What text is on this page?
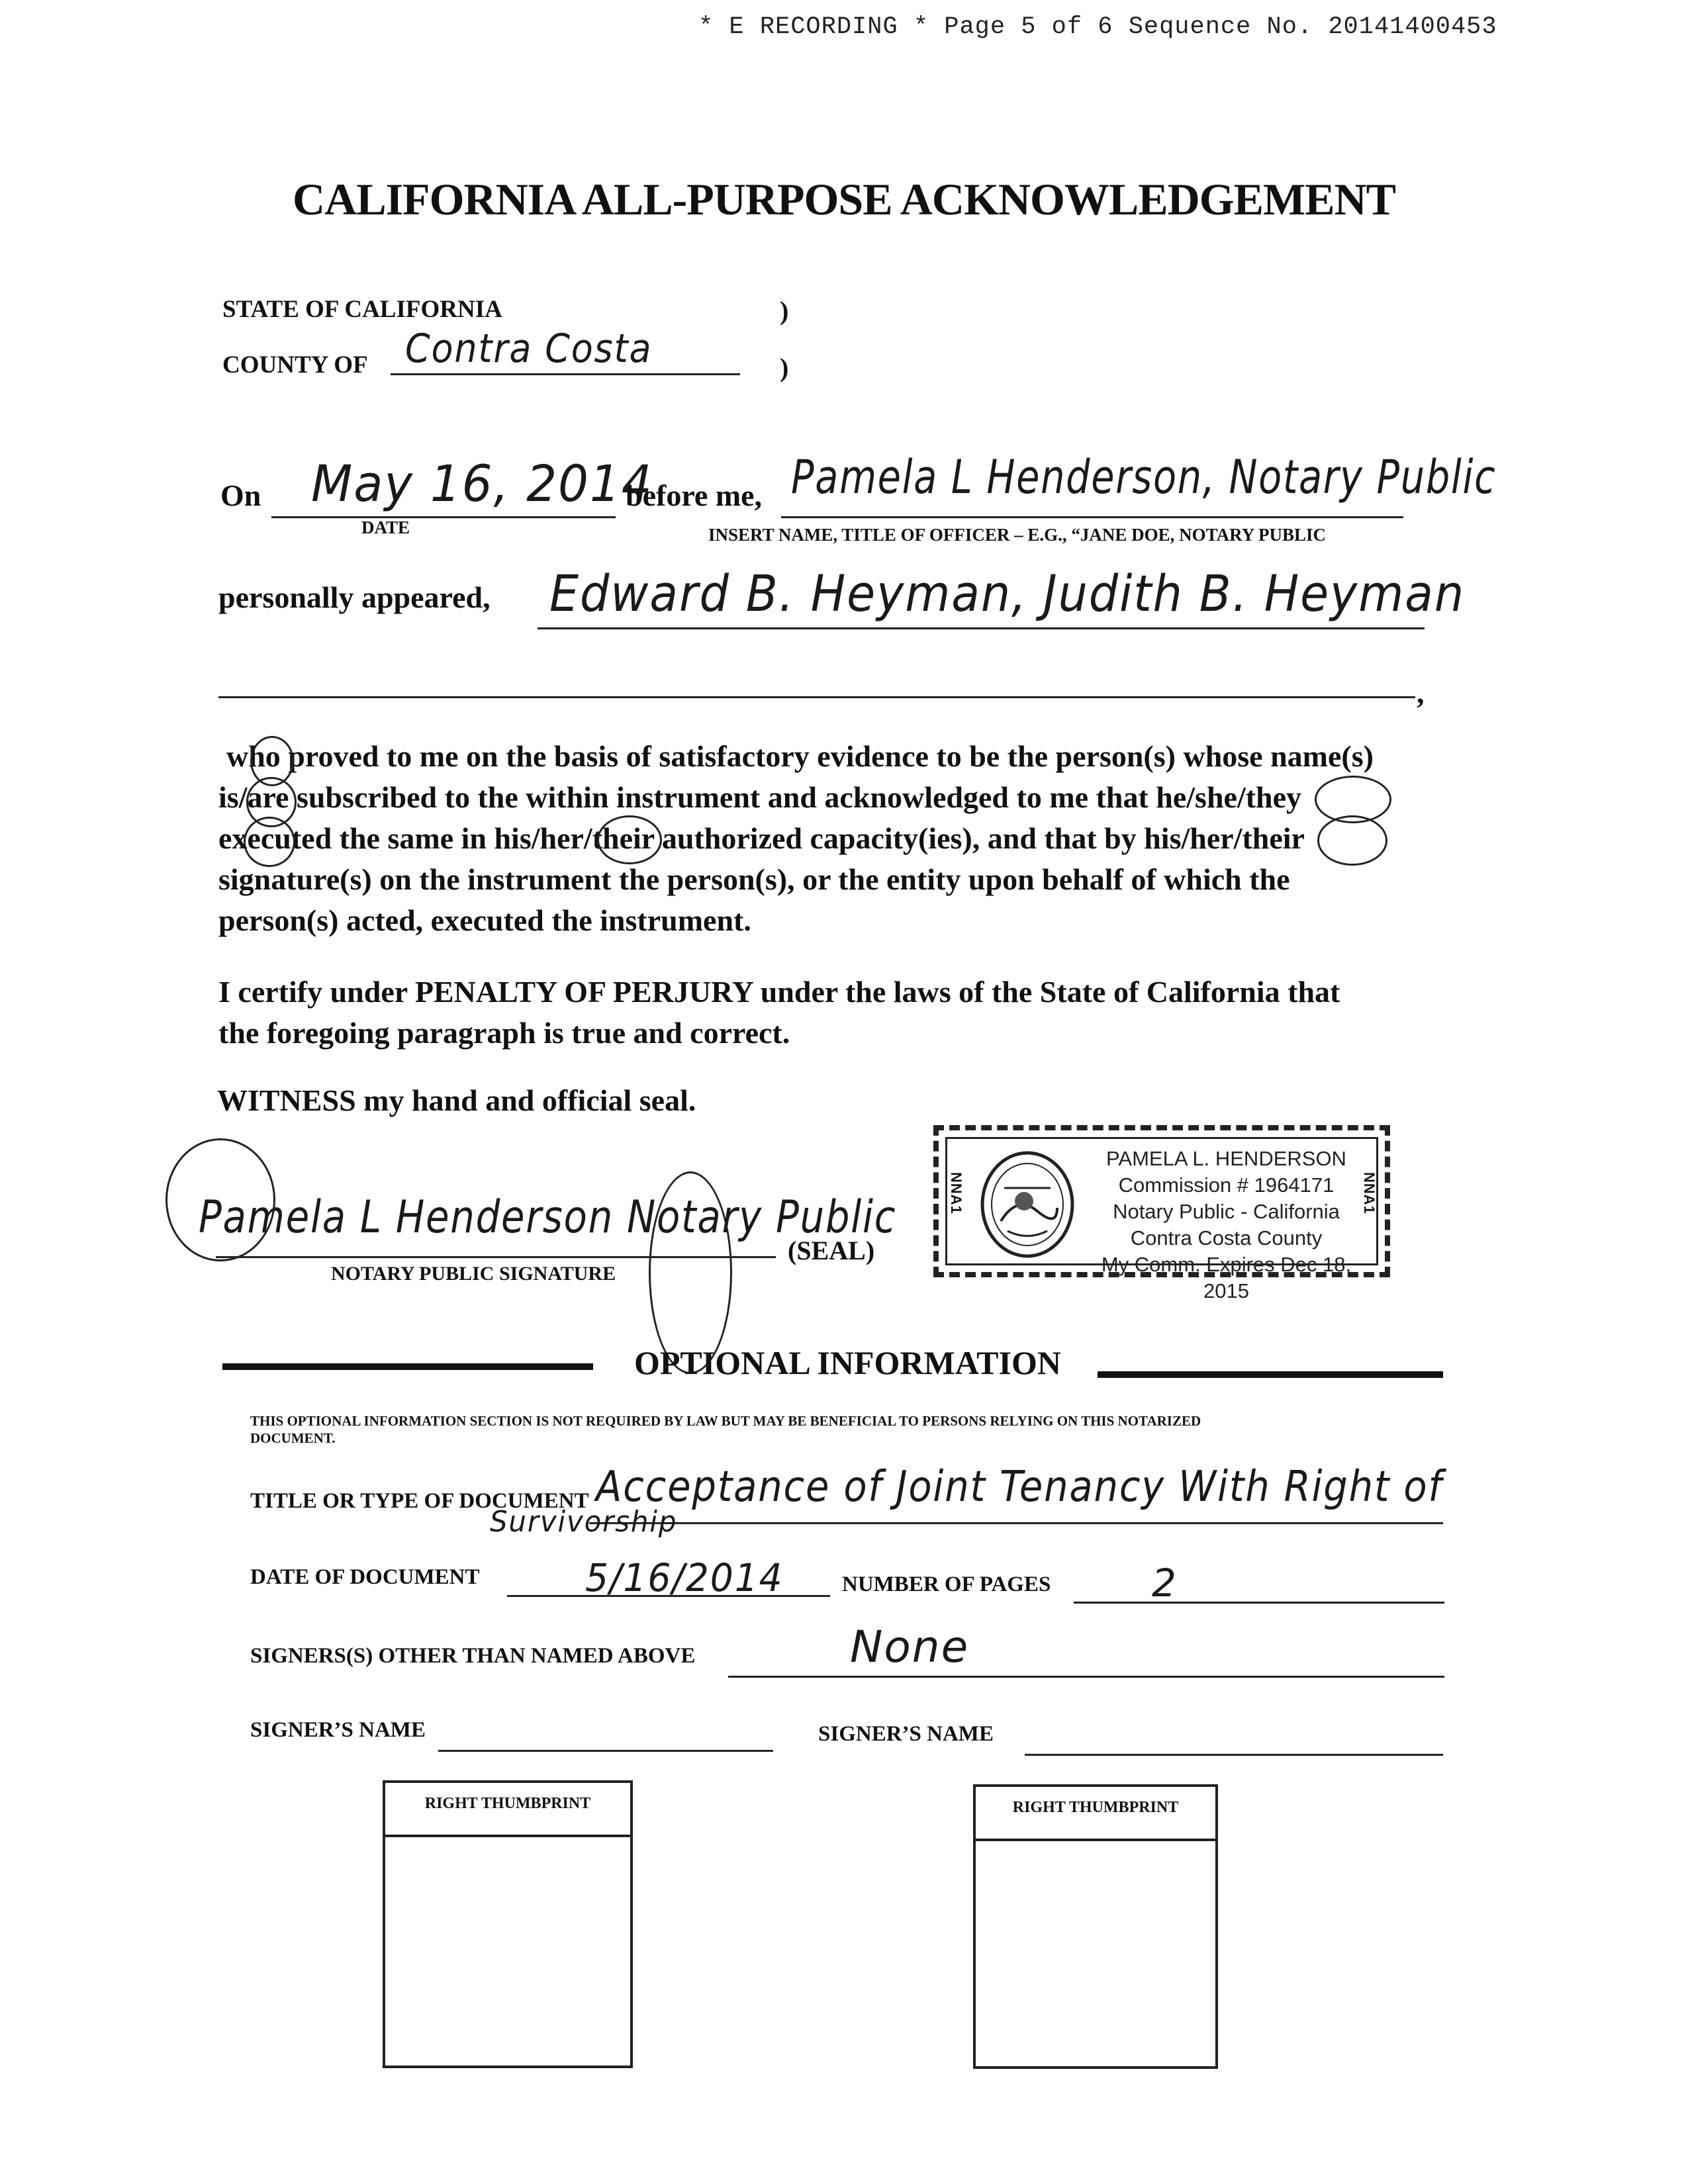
* E RECORDING * Page 5 of 6 Sequence No. 20141400453
CALIFORNIA ALL-PURPOSE ACKNOWLEDGEMENT
STATE OF CALIFORNIA	)
COUNTY OF Contra Costa	)
On May 16, 2014
DATE
before me, Pamela L Henderson, Notary Public
INSERT NAME, TITLE OF OFFICER – E.G., “JANE DOE, NOTARY PUBLIC
personally appeared, Edward B. Heyman, Judith B. Heyman
,
who proved to me on the basis of satisfactory evidence to be the person(s) whose name(s)
is/are subscribed to the within instrument and acknowledged to me that he/she/they
executed the same in his/her/their authorized capacity(ies), and that by his/her/their
signature(s) on the instrument the person(s), or the entity upon behalf of which the
person(s) acted, executed the instrument.
I certify under PENALTY OF PERJURY under the laws of the State of California that
the foregoing paragraph is true and correct.
WITNESS my hand and official seal.
Pamela L Henderson Notary Public
NOTARY PUBLIC SIGNATURE
(SEAL)
NNA1	NNA1
PAMELA L. HENDERSON
Commission # 1964171
Notary Public - California
Contra Costa County
My Comm. Expires Dec 18, 2015
OPTIONAL INFORMATION
THIS OPTIONAL INFORMATION SECTION IS NOT REQUIRED BY LAW BUT MAY BE BENEFICIAL TO PERSONS RELYING ON THIS NOTARIZED
DOCUMENT.
TITLE OR TYPE OF DOCUMENT Acceptance of Joint Tenancy With Right of
Survivorship
DATE OF DOCUMENT	5/16/2014	NUMBER OF PAGES	2
SIGNERS(S) OTHER THAN NAMED ABOVE	None
SIGNER’S NAME	SIGNER’S NAME
RIGHT THUMBPRINT	RIGHT THUMBPRINT
